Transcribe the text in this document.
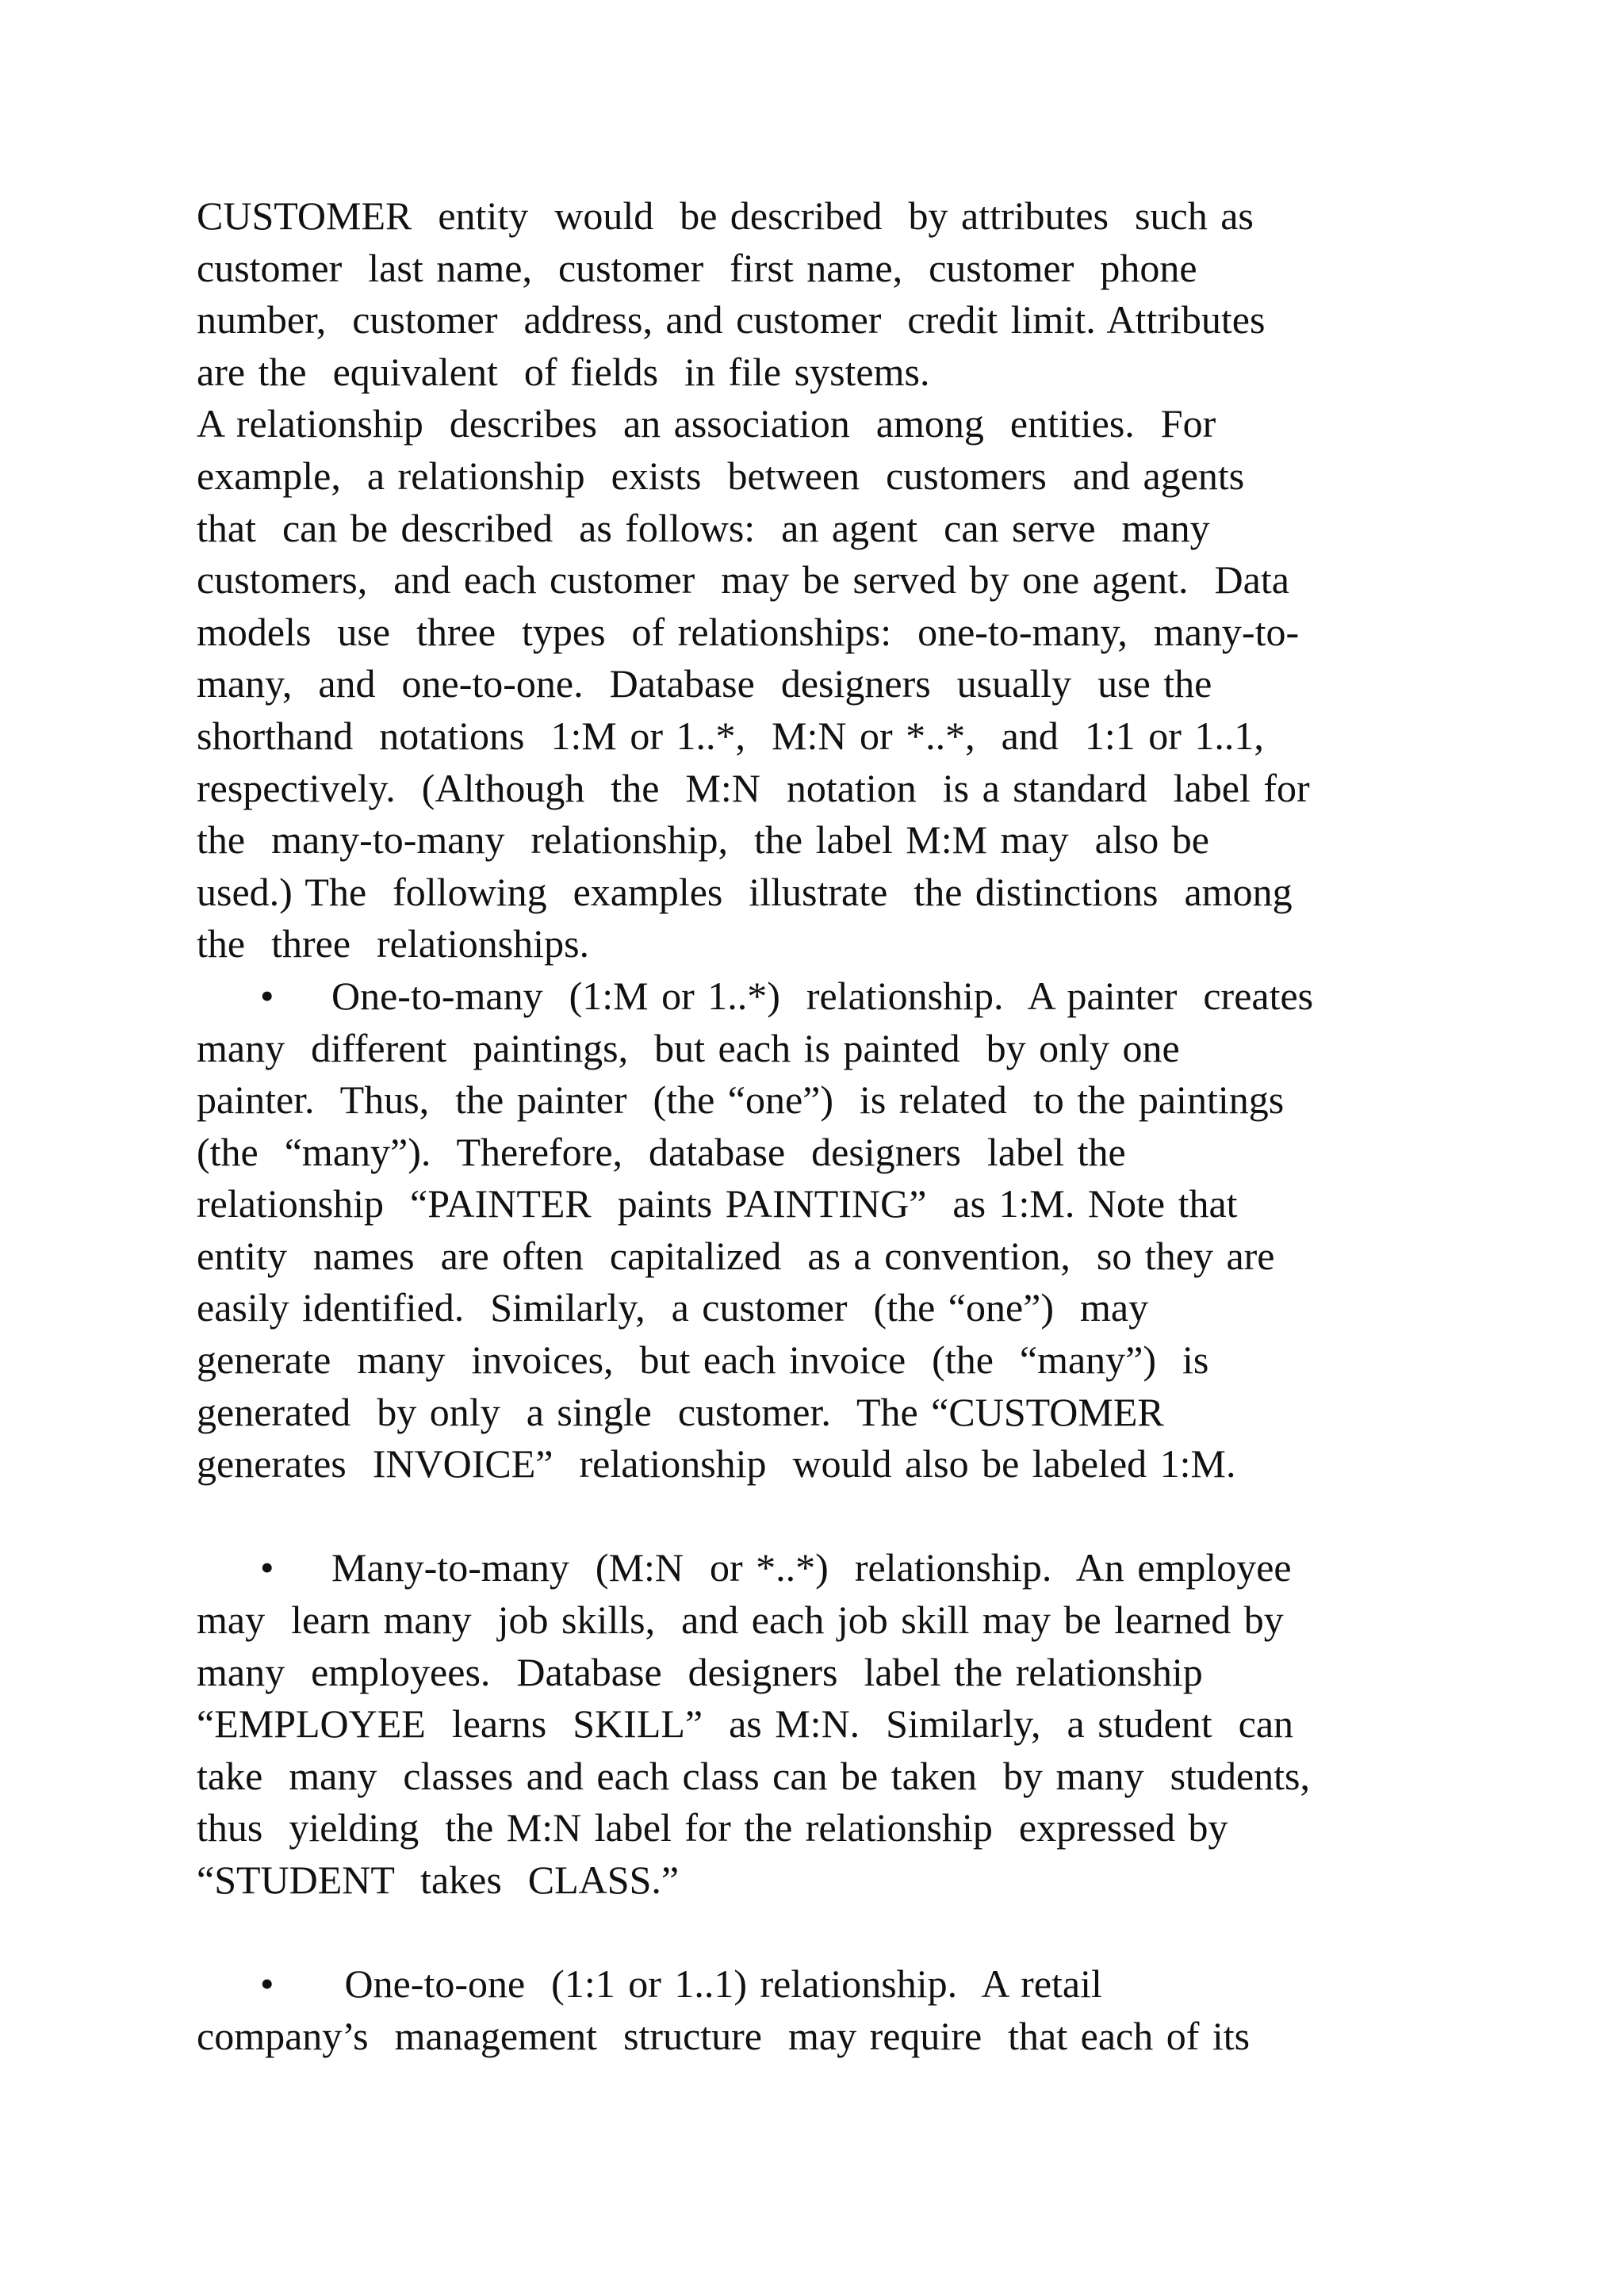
CUSTOMER  entity  would  be described  by attributes  such as
customer  last name,  customer  first name,  customer  phone
number,  customer  address, and customer  credit limit. Attributes
are the  equivalent  of fields  in file systems.
A relationship  describes  an association  among  entities.  For
example,  a relationship  exists  between  customers  and agents
that  can be described  as follows:  an agent  can serve  many
customers,  and each customer  may be served by one agent.  Data
models  use  three  types  of relationships:  one-to-many,  many-to-
many,  and  one-to-one.  Database  designers  usually  use the
shorthand  notations  1:M or 1..*,  M:N or *..*,  and  1:1 or 1..1,
respectively.  (Although  the  M:N  notation  is a standard  label for
the  many-to-many  relationship,  the label M:M may  also be
used.) The  following  examples  illustrate  the distinctions  among
the  three  relationships.
• One-to-many  (1:M or 1..*)  relationship.  A painter  creates
many  different  paintings,  but each is painted  by only one
painter.  Thus,  the painter  (the “one”)  is related  to the paintings
(the  “many”).  Therefore,  database  designers  label the
relationship  “PAINTER  paints PAINTING”  as 1:M. Note that
entity  names  are often  capitalized  as a convention,  so they are
easily identified.  Similarly,  a customer  (the “one”)  may
generate  many  invoices,  but each invoice  (the  “many”)  is
generated  by only  a single  customer.  The “CUSTOMER
generates  INVOICE”  relationship  would also be labeled 1:M.
• Many-to-many  (M:N  or *..*)  relationship.  An employee
may  learn many  job skills,  and each job skill may be learned by
many  employees.  Database  designers  label the relationship
“EMPLOYEE  learns  SKILL”  as M:N.  Similarly,  a student  can
take  many  classes and each class can be taken  by many  students,
thus  yielding  the M:N label for the relationship  expressed by
“STUDENT  takes  CLASS.”
• One-to-one  (1:1 or 1..1) relationship.  A retail
company’s  management  structure  may require  that each of its
